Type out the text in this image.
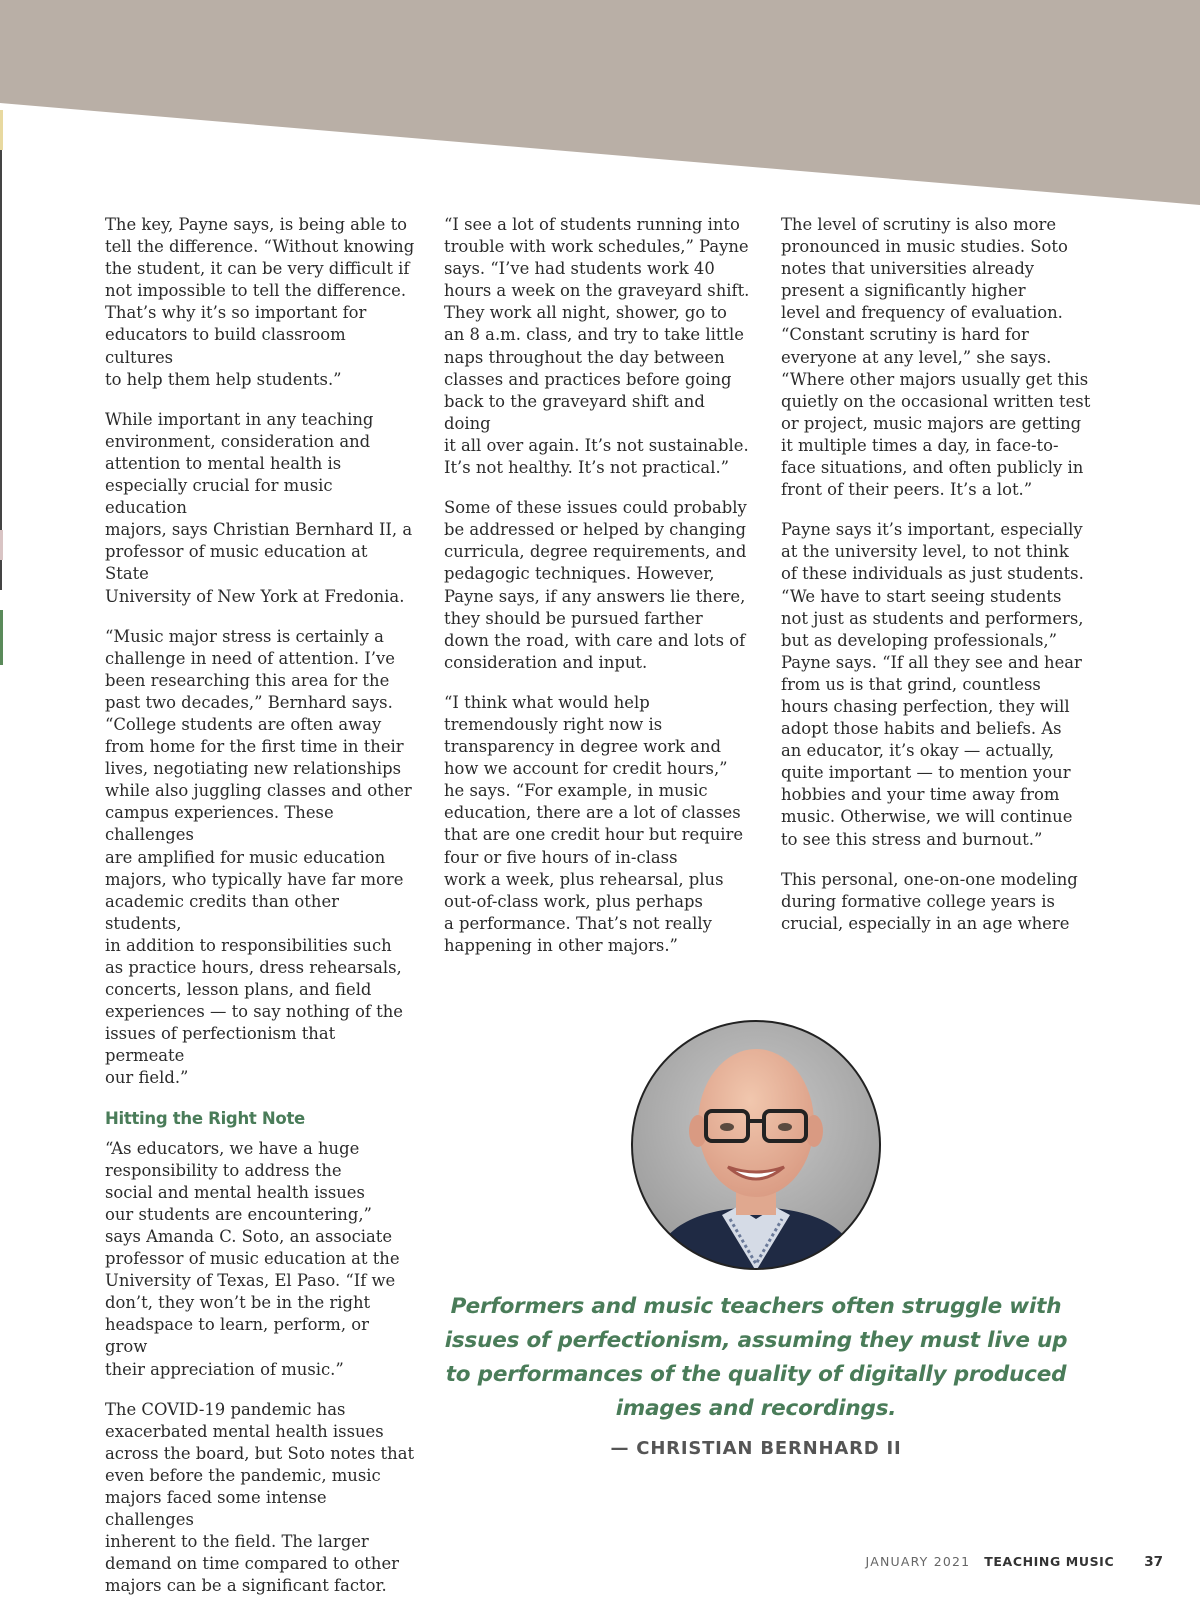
The key, Payne says, is being able to
tell the difference. “Without knowing
the student, it can be very difficult if
not impossible to tell the difference.
That’s why it’s so important for
educators to build classroom cultures
to help them help students.”

While important in any teaching
environment, consideration and
attention to mental health is
especially crucial for music education
majors, says Christian Bernhard II, a
professor of music education at State
University of New York at Fredonia.

“Music major stress is certainly a
challenge in need of attention. I’ve
been researching this area for the
past two decades,” Bernhard says.
“College students are often away
from home for the first time in their
lives, negotiating new relationships
while also juggling classes and other
campus experiences. These challenges
are amplified for music education
majors, who typically have far more
academic credits than other students,
in addition to responsibilities such
as practice hours, dress rehearsals,
concerts, lesson plans, and field
experiences — to say nothing of the
issues of perfectionism that permeate
our field.”

Hitting the Right Note

“As educators, we have a huge
responsibility to address the
social and mental health issues
our students are encountering,”
says Amanda C. Soto, an associate
professor of music education at the
University of Texas, El Paso. “If we
don’t, they won’t be in the right
headspace to learn, perform, or grow
their appreciation of music.”

The COVID-19 pandemic has
exacerbated mental health issues
across the board, but Soto notes that
even before the pandemic, music
majors faced some intense challenges
inherent to the field. The larger
demand on time compared to other
majors can be a significant factor.

“I see a lot of students running into
trouble with work schedules,” Payne
says. “I’ve had students work 40
hours a week on the graveyard shift.
They work all night, shower, go to
an 8 a.m. class, and try to take little
naps throughout the day between
classes and practices before going
back to the graveyard shift and doing
it all over again. It’s not sustainable.
It’s not healthy. It’s not practical.”

Some of these issues could probably
be addressed or helped by changing
curricula, degree requirements, and
pedagogic techniques. However,
Payne says, if any answers lie there,
they should be pursued farther
down the road, with care and lots of
consideration and input.

“I think what would help
tremendously right now is
transparency in degree work and
how we account for credit hours,”
he says. “For example, in music
education, there are a lot of classes
that are one credit hour but require
four or five hours of in-class
work a week, plus rehearsal, plus
out-of-class work, plus perhaps
a performance. That’s not really
happening in other majors.”

The level of scrutiny is also more
pronounced in music studies. Soto
notes that universities already
present a significantly higher
level and frequency of evaluation.
“Constant scrutiny is hard for
everyone at any level,” she says.
“Where other majors usually get this
quietly on the occasional written test
or project, music majors are getting
it multiple times a day, in face-to-
face situations, and often publicly in
front of their peers. It’s a lot.”

Payne says it’s important, especially
at the university level, to not think
of these individuals as just students.
“We have to start seeing students
not just as students and performers,
but as developing professionals,”
Payne says. “If all they see and hear
from us is that grind, countless
hours chasing perfection, they will
adopt those habits and beliefs. As
an educator, it’s okay — actually,
quite important — to mention your
hobbies and your time away from
music. Otherwise, we will continue
to see this stress and burnout.”

This personal, one-on-one modeling
during formative college years is
crucial, especially in an age where

Performers and music teachers often struggle with
issues of perfectionism, assuming they must live up
to performances of the quality of digitally produced
images and recordings.
— CHRISTIAN BERNHARD II
JANUARY 2021 TEACHING MUSIC 37
